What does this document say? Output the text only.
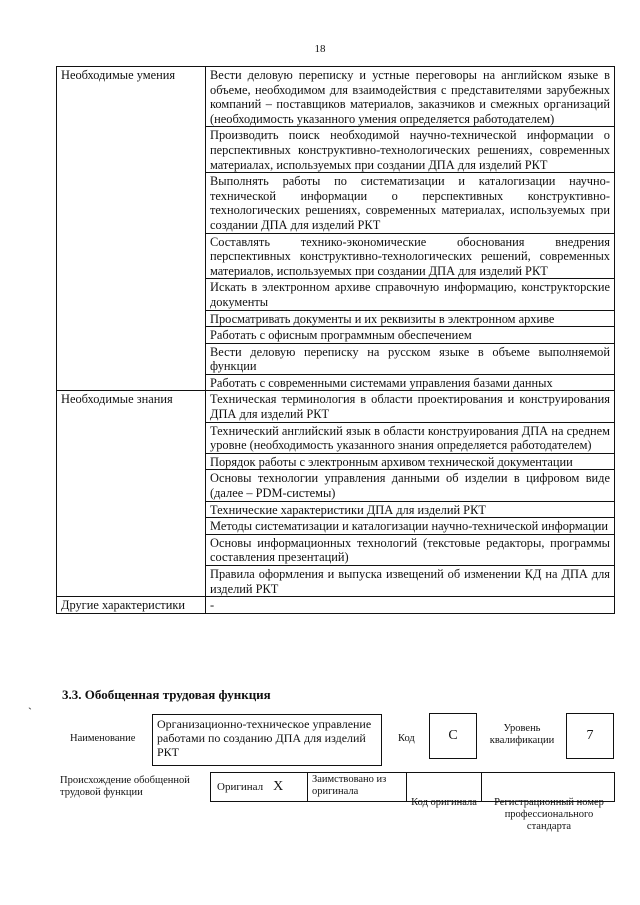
18
Необходимые умения	Вести деловую переписку и устные переговоры на английском языке в объеме, необходимом для взаимодействия с представителями зарубежных компаний – поставщиков материалов, заказчиков и смежных организаций (необходимость указанного умения определяется работодателем)
	Производить поиск необходимой научно-технической информации о перспективных конструктивно-технологических решениях, современных материалах, используемых при создании ДПА для изделий РКТ
	Выполнять работы по систематизации и каталогизации научно-технической информации о перспективных конструктивно-технологических решениях, современных материалах, используемых при создании ДПА для изделий РКТ
	Составлять технико-экономические обоснования внедрения перспективных конструктивно-технологических решений, современных материалов, используемых при создании ДПА для изделий РКТ
	Искать в электронном архиве справочную информацию, конструкторские документы
	Просматривать документы и их реквизиты в электронном архиве
	Работать с офисным программным обеспечением
	Вести деловую переписку на русском языке в объеме выполняемой функции
	Работать с современными системами управления базами данных
Необходимые знания	Техническая терминология в области проектирования и конструирования ДПА для изделий РКТ
	Технический английский язык в области конструирования ДПА на среднем уровне (необходимость указанного знания определяется работодателем)
	Порядок работы с электронным архивом технической документации
	Основы технологии управления данными об изделии в цифровом виде (далее – PDM-системы)
	Технические характеристики ДПА для изделий РКТ
	Методы систематизации и каталогизации научно-технической информации
	Основы информационных технологий (текстовые редакторы, программы составления презентаций)
	Правила оформления и выпуска извещений об изменении КД на ДПА для изделий РКТ
Другие характеристики	-
3.3. Обобщенная трудовая функция
`
Наименование
Организационно-техническое управление работами по созданию ДПА для изделий РКТ
Код C	Уровень квалификации	7
Происхождение обобщенной трудовой функции	Оригинал X	Заимствовано из оригинала
Код оригинала	Регистрационный номер профессионального стандарта
